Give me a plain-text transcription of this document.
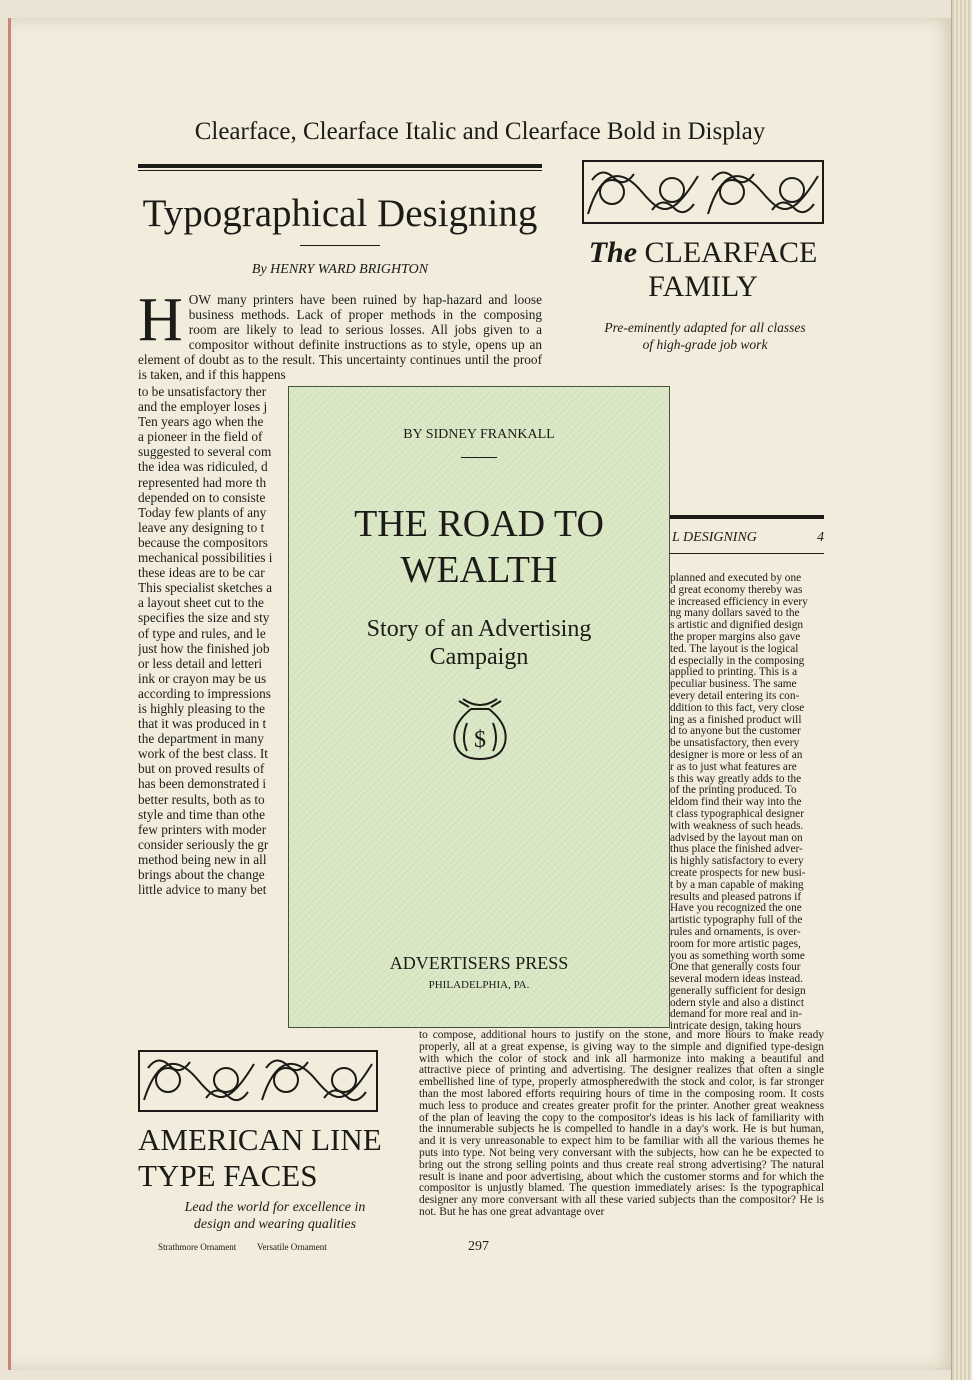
Clearface, Clearface Italic and Clearface Bold in Display
Typographical Designing
By HENRY WARD BRIGHTON
HOW many printers have been ruined by hap-hazard and loose business methods. Lack of proper methods in the composing room are likely to lead to serious losses. All jobs given to a compositor without definite instructions as to style, opens up an element of doubt as to the result. This uncertainty continues until the proof is taken, and if this happens
to be unsatisfactory ther
and the employer loses j
Ten years ago when the
a pioneer in the field of
suggested to several com
the idea was ridiculed, d
represented had more th
depended on to consiste
Today few plants of any
leave any designing to t
because the compositors
mechanical possibilities i
these ideas are to be car
This specialist sketches a
a layout sheet cut to the
specifies the size and sty
of type and rules, and le
just how the finished job
or less detail and letteri
ink or crayon may be us
according to impressions
is highly pleasing to the
that it was produced in t
the department in many
work of the best class. It
but on proved results of
has been demonstrated i
better results, both as to
style and time than othe
few printers with moder
consider seriously the gr
method being new in all
brings about the change
little advice to many bet
The CLEARFACE FAMILY
Pre-eminently adapted for all classes of high-grade job work
L DESIGNING	4
planned and executed by one
d great economy thereby was
e increased efficiency in every
ng many dollars saved to the
s artistic and dignified design
the proper margins also gave
ted. The layout is the logical
d especially in the composing
applied to printing. This is a
peculiar business. The same
every detail entering its con-
ddition to this fact, very close
ing as a finished product will
d to anyone but the customer
be unsatisfactory, then every
designer is more or less of an
r as to just what features are
s this way greatly adds to the
of the printing produced. To
eldom find their way into the
t class typographical designer
with weakness of such heads.
advised by the layout man on
thus place the finished adver-
is highly satisfactory to every
create prospects for new busi-
t by a man capable of making
results and pleased patrons if
Have you recognized the one
artistic typography full of the
rules and ornaments, is over-
room for more artistic pages,
you as something worth some
One that generally costs four
several modern ideas instead.
generally sufficient for design
odern style and also a distinct
demand for more real and in-
intricate design, taking hours
to compose, additional hours to justify on the stone, and more hours to make ready properly, all at a great expense, is giving way to the simple and dignified type-design with which the color of stock and ink all harmonize into making a beautiful and attractive piece of printing and advertising. The designer realizes that often a single embellished line of type, properly atmospheredwith the stock and color, is far stronger than the most labored efforts requiring hours of time in the composing room. It costs much less to produce and creates greater profit for the printer. Another great weakness of the plan of leaving the copy to the compositor's ideas is his lack of familiarity with the innumerable subjects he is compelled to handle in a day's work. He is but human, and it is very unreasonable to expect him to be familiar with all the various themes he puts into type. Not being very conversant with the subjects, how can he be expected to bring out the strong selling points and thus create real strong advertising? The natural result is inane and poor advertising, about which the customer storms and for which the compositor is unjustly blamed. The question immediately arises: Is the typographical designer any more conversant with all these varied subjects than the compositor? He is not. But he has one great advantage over
BY SIDNEY FRANKALL
THE ROAD TO WEALTH
Story of an Advertising Campaign
$
ADVERTISERS PRESS
PHILADELPHIA, PA.
AMERICAN LINE TYPE FACES
Lead the world for excellence in design and wearing qualities
Strathmore Ornament Versatile Ornament	297
